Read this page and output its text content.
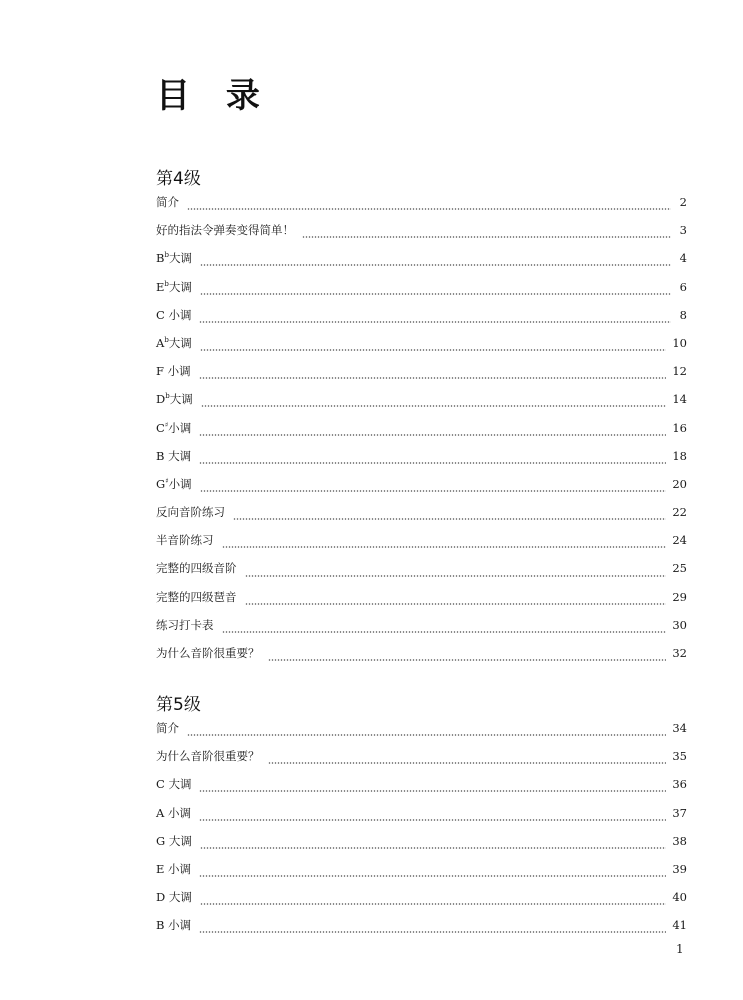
目 录
第4级
简介	2
好的指法令弹奏变得简单！	3
$B^b$大调	4
$E^b$大调	6
C 小调	8
$A^b$大调	10
F 小调	12
$D^b$大调	14
C♯小调	16
B 大调	18
G♯小调	20
反向音阶练习	22
半音阶练习	24
完整的四级音阶	25
完整的四级琶音	29
练习打卡表	30
为什么音阶很重要？	32
第5级
简介	34
为什么音阶很重要？	35
C 大调	36
A 小调	37
G 大调	38
E 小调	39
D 大调	40
B 小调	41
1
